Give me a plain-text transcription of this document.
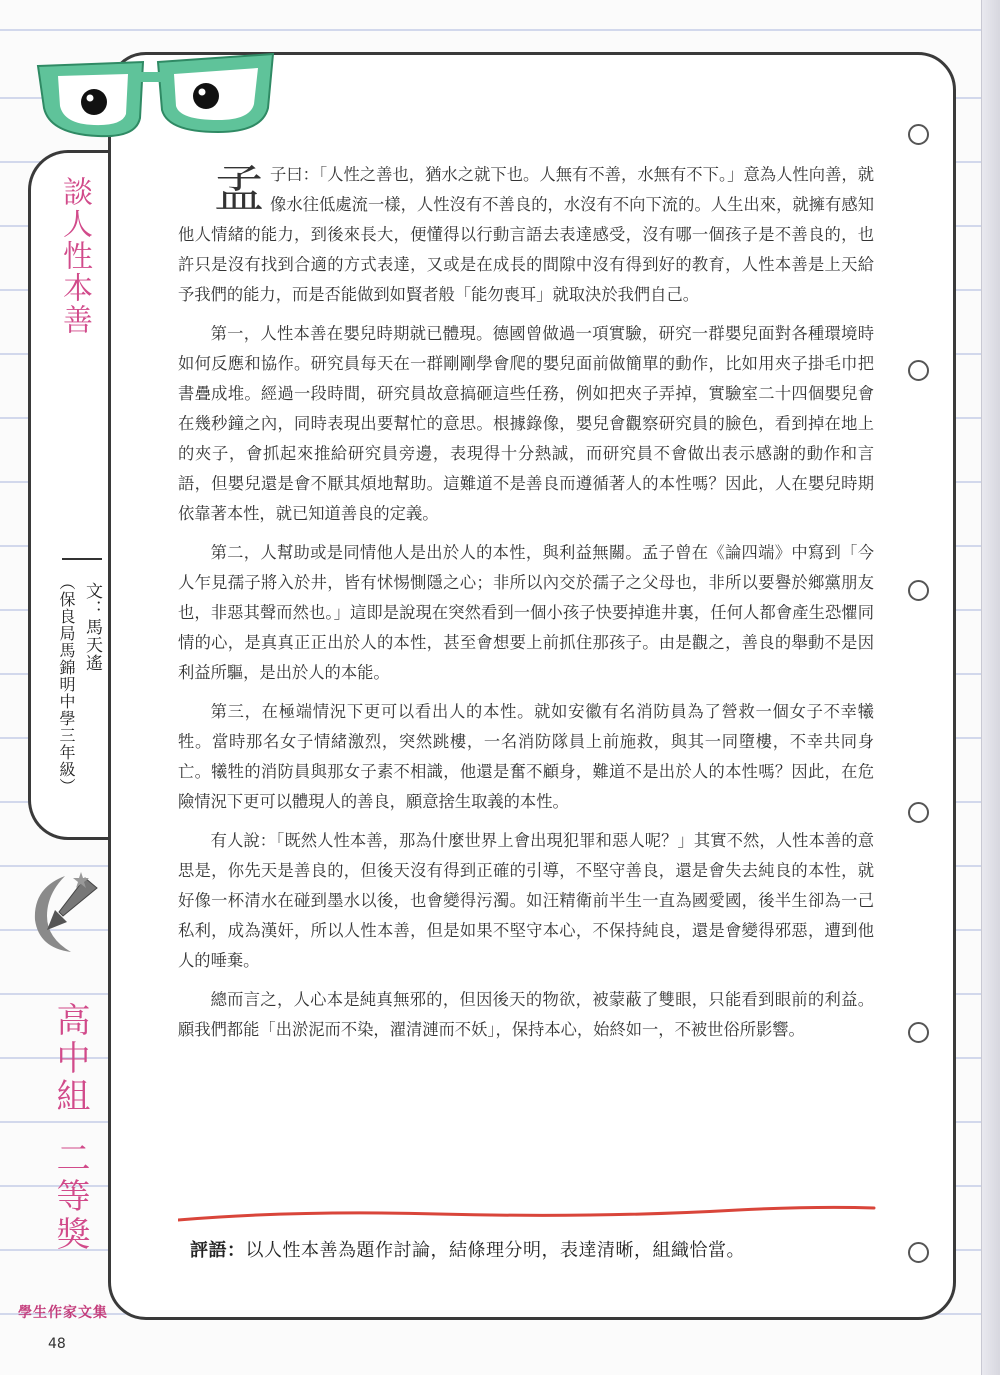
談人性本善
文：馬天遙
（保良局馬錦明中學三年級）
高中組
二等獎

孟子曰：「人性之善也，猶水之就下也。人無有不善，水無有不下。」意為人性向善，就像水往低處流一樣，人性沒有不善良的，水沒有不向下流的。人生出來，就擁有感知他人情緒的能力，到後來長大，便懂得以行動言語去表達感受，沒有哪一個孩子是不善良的，也許只是沒有找到合適的方式表達，又或是在成長的間隙中沒有得到好的教育，人性本善是上天給予我們的能力，而是否能做到如賢者般「能勿喪耳」就取決於我們自己。

第一，人性本善在嬰兒時期就已體現。德國曾做過一項實驗，研究一群嬰兒面對各種環境時如何反應和協作。研究員每天在一群剛剛學會爬的嬰兒面前做簡單的動作，比如用夾子掛毛巾把書疊成堆。經過一段時間，研究員故意搞砸這些任務，例如把夾子弄掉，實驗室二十四個嬰兒會在幾秒鐘之內，同時表現出要幫忙的意思。根據錄像，嬰兒會觀察研究員的臉色，看到掉在地上的夾子，會抓起來推給研究員旁邊，表現得十分熱誠，而研究員不會做出表示感謝的動作和言語，但嬰兒還是會不厭其煩地幫助。這難道不是善良而遵循著人的本性嗎？因此，人在嬰兒時期依靠著本性，就已知道善良的定義。

第二，人幫助或是同情他人是出於人的本性，與利益無關。孟子曾在《論四端》中寫到「今人乍見孺子將入於井，皆有怵惕惻隱之心；非所以內交於孺子之父母也，非所以要譽於鄉黨朋友也，非惡其聲而然也。」這即是說現在突然看到一個小孩子快要掉進井裏，任何人都會產生恐懼同情的心，是真真正正出於人的本性，甚至會想要上前抓住那孩子。由是觀之，善良的舉動不是因利益所驅，是出於人的本能。

第三，在極端情況下更可以看出人的本性。就如安徽有名消防員為了營救一個女子不幸犧牲。當時那名女子情緒激烈，突然跳樓，一名消防隊員上前施救，與其一同墮樓，不幸共同身亡。犧牲的消防員與那女子素不相識，他還是奮不顧身，難道不是出於人的本性嗎？因此，在危險情況下更可以體現人的善良，願意捨生取義的本性。

有人說：「既然人性本善，那為什麼世界上會出現犯罪和惡人呢？」其實不然，人性本善的意思是，你先天是善良的，但後天沒有得到正確的引導，不堅守善良，還是會失去純良的本性，就好像一杯清水在碰到墨水以後，也會變得污濁。如汪精衛前半生一直為國愛國，後半生卻為一己私利，成為漢奸，所以人性本善，但是如果不堅守本心，不保持純良，還是會變得邪惡，遭到他人的唾棄。

總而言之，人心本是純真無邪的，但因後天的物欲，被蒙蔽了雙眼，只能看到眼前的利益。願我們都能「出淤泥而不染，濯清漣而不妖」，保持本心，始終如一，不被世俗所影響。

評語：以人性本善為題作討論，結條理分明，表達清晰，組織恰當。
學生作家文集
48
